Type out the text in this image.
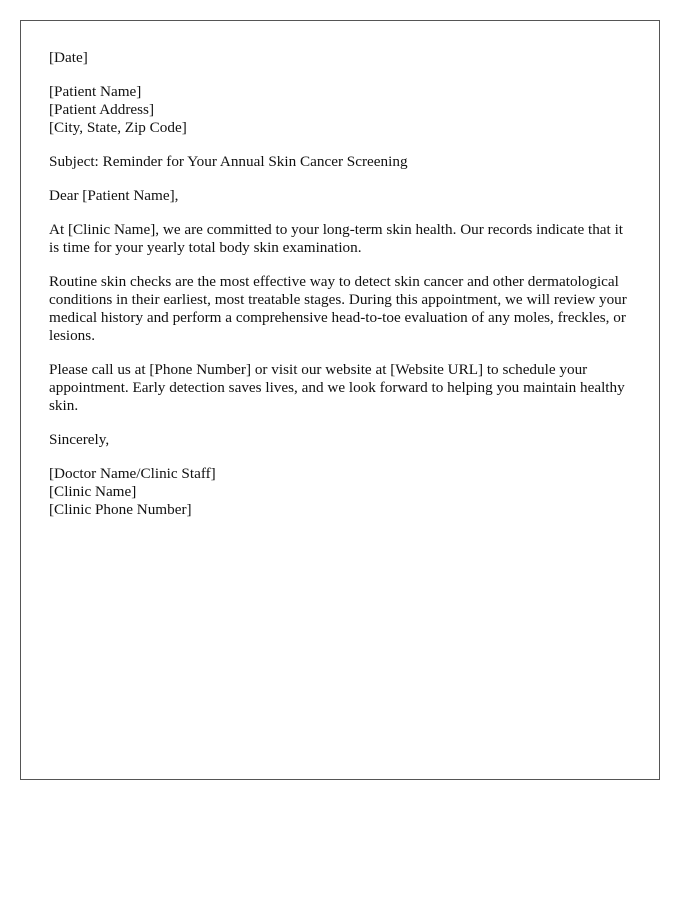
[Date]
[Patient Name]
[Patient Address]
[City, State, Zip Code]
Subject: Reminder for Your Annual Skin Cancer Screening
Dear [Patient Name],

At [Clinic Name], we are committed to your long-term skin health. Our records indicate that it is time for your yearly total body skin examination.

Routine skin checks are the most effective way to detect skin cancer and other dermatological conditions in their earliest, most treatable stages. During this appointment, we will review your medical history and perform a comprehensive head-to-toe evaluation of any moles, freckles, or lesions.

Please call us at [Phone Number] or visit our website at [Website URL] to schedule your appointment. Early detection saves lives, and we look forward to helping you maintain healthy skin.

Sincerely,
[Doctor Name/Clinic Staff]
[Clinic Name]
[Clinic Phone Number]
